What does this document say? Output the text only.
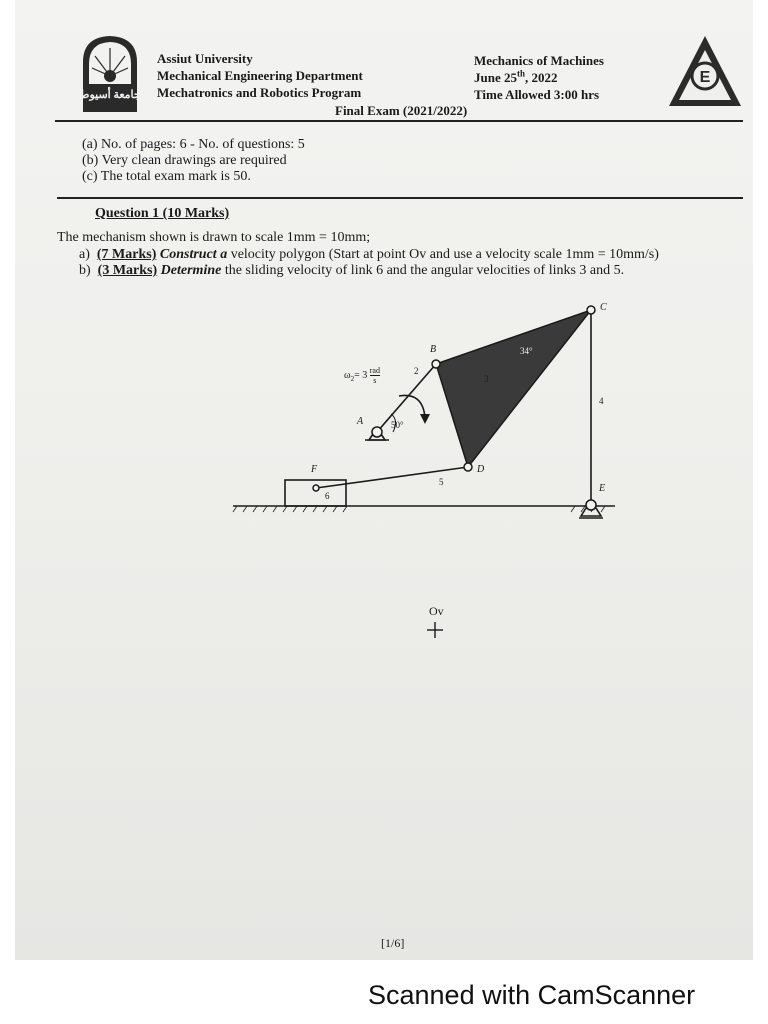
جامعة أسيوط
Assiut University
Mechanical Engineering Department
Mechatronics and Robotics Program
Mechanics of Machines
June 25th, 2022
Time Allowed 3:00 hrs
Final Exam (2021/2022)
E
(a) No. of pages: 6 - No. of questions: 5
(b) Very clean drawings are required
(c) The total exam mark is 50.
Question 1 (10 Marks)
The mechanism shown is drawn to scale 1mm = 10mm;
a) (7 Marks) Construct a velocity polygon (Start at point Ov and use a velocity scale 1mm = 10mm/s)
b) (3 Marks) Determine the sliding velocity of link 6 and the angular velocities of links 3 and 5.
B
C
D
A
E
F
2
3
4
5
6
$\omega_2= 3$ rad
s
50°
34°
Ov
[1/6]
Scanned with CamScanner
